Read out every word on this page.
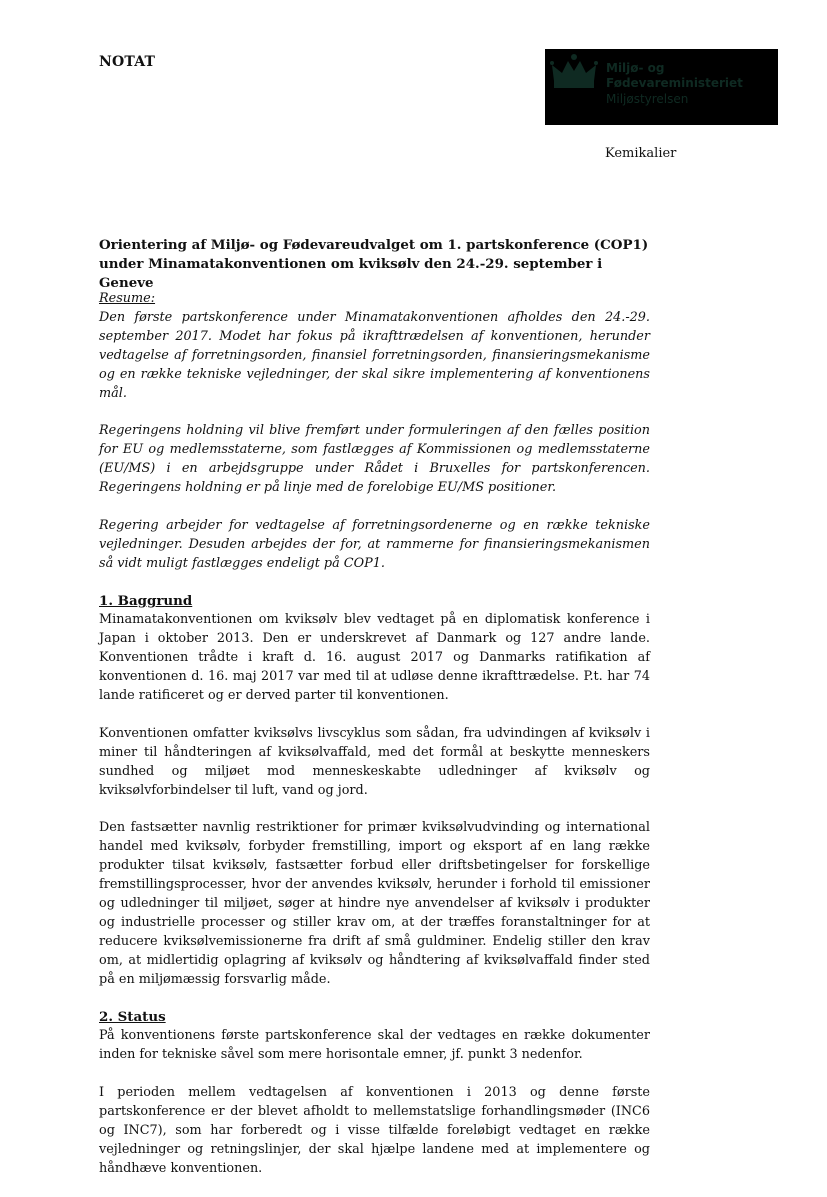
NOTAT	Miljø- og
Fødevareministeriet
Miljøstyrelsen
Kemikalier
Orientering af Miljø- og Fødevareudvalget om 1. partskonference (COP1) under Minamatakonventionen om kviksølv den 24.-29. september i Geneve
Resume:

Den første partskonference under Minamatakonventionen afholdes den 24.-29. september 2017. Modet har fokus på ikrafttrædelsen af konventionen, herunder vedtagelse af forretningsorden, finansiel forretningsorden, finansieringsmekanisme og en række tekniske vejledninger, der skal sikre implementering af konventionens mål.

Regeringens holdning vil blive fremført under formuleringen af den fælles position for EU og medlemsstaterne, som fastlægges af Kommissionen og medlemsstaterne (EU/MS) i en arbejdsgruppe under Rådet i Bruxelles for partskonferencen. Regeringens holdning er på linje med de forelobige EU/MS positioner.

Regering arbejder for vedtagelse af forretningsordenerne og en række tekniske vejledninger. Desuden arbejdes der for, at rammerne for finansieringsmekanismen så vidt muligt fastlægges endeligt på COP1.

1. Baggrund

Minamatakonventionen om kviksølv blev vedtaget på en diplomatisk konference i Japan i oktober 2013. Den er underskrevet af Danmark og 127 andre lande. Konventionen trådte i kraft d. 16. august 2017 og Danmarks ratifikation af konventionen d. 16. maj 2017 var med til at udløse denne ikrafttrædelse. P.t. har 74 lande ratificeret og er derved parter til konventionen.

Konventionen omfatter kviksølvs livscyklus som sådan, fra udvindingen af kviksølv i miner til håndteringen af kviksølvaffald, med det formål at beskytte menneskers sundhed og miljøet mod menneskeskabte udledninger af kviksølv og kviksølvforbindelser til luft, vand og jord.

Den fastsætter navnlig restriktioner for primær kviksølvudvinding og international handel med kviksølv, forbyder fremstilling, import og eksport af en lang række produkter tilsat kviksølv, fastsætter forbud eller driftsbetingelser for forskellige fremstillingsprocesser, hvor der anvendes kviksølv, herunder i forhold til emissioner og udledninger til miljøet, søger at hindre nye anvendelser af kviksølv i produkter og industrielle processer og stiller krav om, at der træffes foranstaltninger for at reducere kviksølvemissionerne fra drift af små guldminer. Endelig stiller den krav om, at midlertidig oplagring af kviksølv og håndtering af kviksølvaffald finder sted på en miljømæssig forsvarlig måde.

2. Status

På konventionens første partskonference skal der vedtages en række dokumenter inden for tekniske såvel som mere horisontale emner, jf. punkt 3 nedenfor.

I perioden mellem vedtagelsen af konventionen i 2013 og denne første partskonference er der blevet afholdt to mellemstatslige forhandlingsmøder (INC6 og INC7), som har forberedt og i visse tilfælde foreløbigt vedtaget en række vejledninger og retningslinjer, der skal hjælpe landene med at implementere og håndhæve konventionen.
